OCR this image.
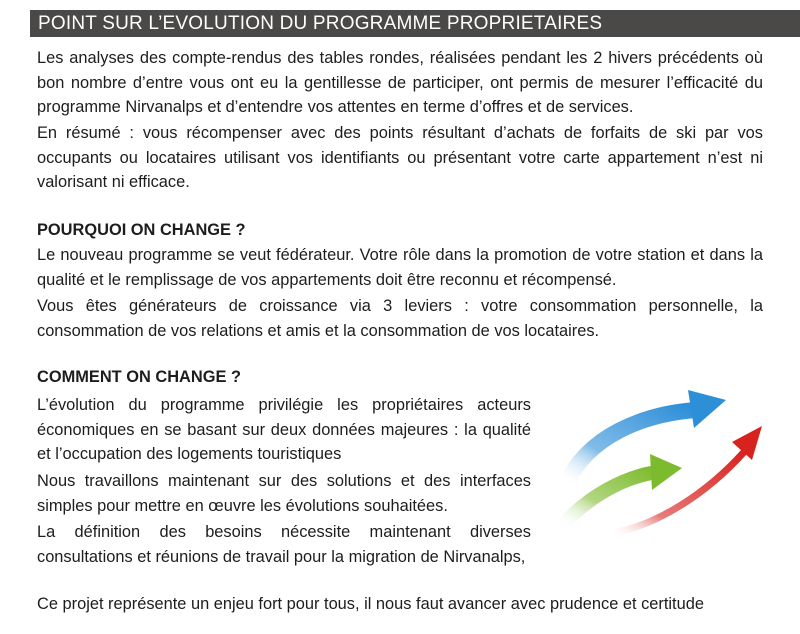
POINT SUR L’EVOLUTION DU PROGRAMME PROPRIETAIRES

Les analyses des compte-rendus des tables rondes, réalisées pendant les 2 hivers précédents où bon nombre d’entre vous ont eu la gentillesse de participer, ont permis de mesurer l’efficacité du programme Nirvanalps et d’entendre vos attentes en terme d’offres et de services.

En résumé : vous récompenser avec des points résultant d’achats de forfaits de ski par vos occupants ou locataires utilisant vos identifiants ou présentant votre carte appartement n’est ni valorisant ni efficace.

POURQUOI ON CHANGE ?

Le nouveau programme se veut fédérateur. Votre rôle dans la promotion de votre station et dans la qualité et le remplissage de vos appartements doit être reconnu et récompensé.

Vous êtes générateurs de croissance via 3 leviers : votre consommation personnelle, la consommation de vos relations et amis et la consommation de vos locataires.

COMMENT ON CHANGE ?

L’évolution du programme privilégie les propriétaires acteurs économiques en se basant sur deux données majeures : la qualité et l’occupation des logements touristiques

Nous travaillons maintenant sur des solutions et des interfaces simples pour mettre en œuvre les évolutions souhaitées.

La définition des besoins nécessite maintenant diverses consultations et réunions de travail pour la migration de Nirvanalps,

Ce projet représente un enjeu fort pour tous, il nous faut avancer avec prudence et certitude
